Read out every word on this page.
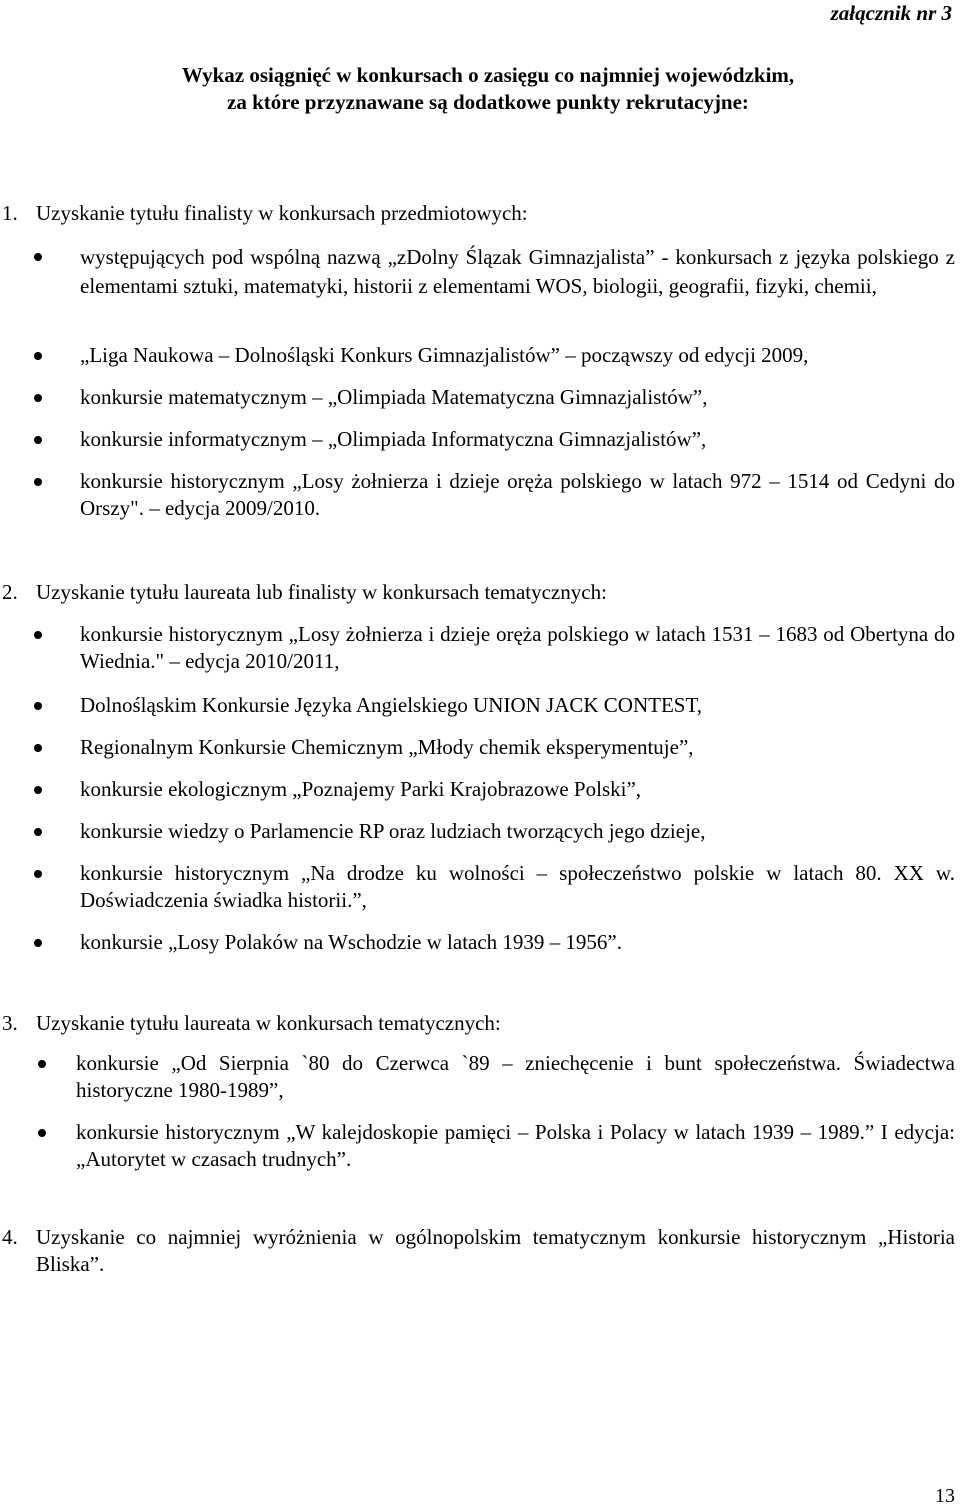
załącznik nr 3
Wykaz osiągnięć w konkursach o zasięgu co najmniej wojewódzkim,
za które przyznawane są dodatkowe punkty rekrutacyjne:
1. Uzyskanie tytułu finalisty w konkursach przedmiotowych:
występujących pod wspólną nazwą „zDolny Ślązak Gimnazjalista” - konkursach z języka polskiego z elementami sztuki, matematyki, historii z elementami WOS, biologii, geografii, fizyki, chemii,
„Liga Naukowa – Dolnośląski Konkurs Gimnazjalistów” – począwszy od edycji 2009,
konkursie matematycznym – „Olimpiada Matematyczna Gimnazjalistów”,
konkursie informatycznym – „Olimpiada Informatyczna Gimnazjalistów”,
konkursie historycznym „Losy żołnierza i dzieje oręża polskiego w latach 972 – 1514 od Cedyni do Orszy". – edycja 2009/2010.
2. Uzyskanie tytułu laureata lub finalisty w konkursach tematycznych:
konkursie historycznym „Losy żołnierza i dzieje oręża polskiego w latach 1531 – 1683 od Obertyna do Wiednia." – edycja 2010/2011,
Dolnośląskim Konkursie Języka Angielskiego UNION JACK CONTEST,
Regionalnym Konkursie Chemicznym „Młody chemik eksperymentuje”,
konkursie ekologicznym „Poznajemy Parki Krajobrazowe Polski”,
konkursie wiedzy o Parlamencie RP oraz ludziach tworzących jego dzieje,
konkursie historycznym „Na drodze ku wolności – społeczeństwo polskie w latach 80. XX w. Doświadczenia świadka historii.”,
konkursie „Losy Polaków na Wschodzie w latach 1939 – 1956”.
3. Uzyskanie tytułu laureata w konkursach tematycznych:
konkursie „Od Sierpnia `80 do Czerwca `89 – zniechęcenie i bunt społeczeństwa. Świadectwa historyczne 1980-1989”,
konkursie historycznym „W kalejdoskopie pamięci – Polska i Polacy w latach 1939 – 1989.” I edycja: „Autorytet w czasach trudnych”.
4. Uzyskanie co najmniej wyróżnienia w ogólnopolskim tematycznym konkursie historycznym „Historia Bliska”.
13
